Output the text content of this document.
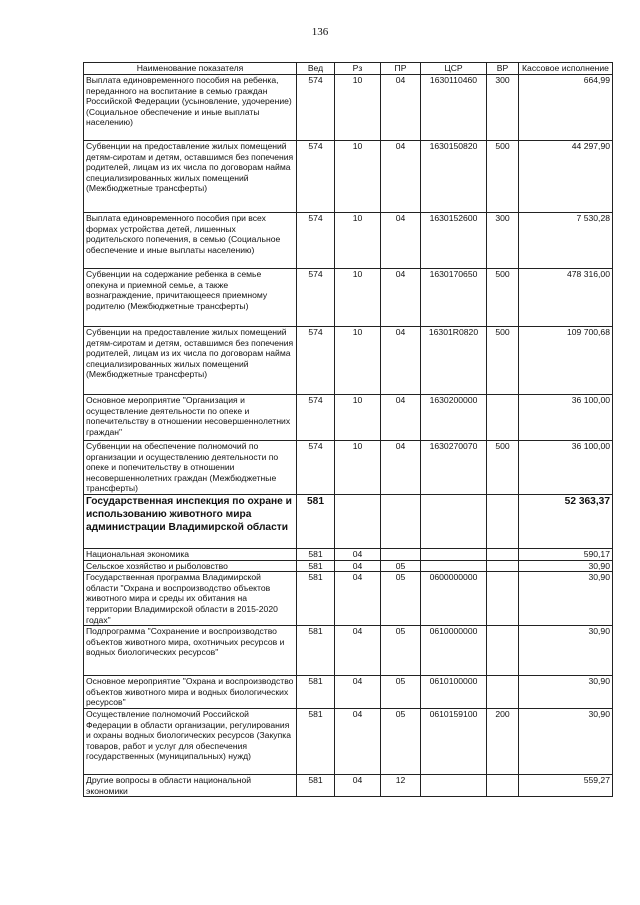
136
Наименование показателя	Вед	Рз	ПР	ЦСР	ВР	Кассовое исполнение
Выплата единовременного пособия на ребенка, переданного на воспитание в семью граждан Российской Федерации (усыновление, удочерение) (Социальное обеспечение и иные выплаты населению)	574	10	04	1630110460	300	664,99
Субвенции на предоставление жилых помещений детям-сиротам и детям, оставшимся без попечения родителей, лицам из их числа по договорам найма специализированных жилых помещений (Межбюджетные трансферты)	574	10	04	1630150820	500	44 297,90
Выплата единовременного пособия при всех формах устройства детей, лишенных родительского попечения, в семью (Социальное обеспечение и иные выплаты населению)	574	10	04	1630152600	300	7 530,28
Субвенции на содержание ребенка в семье опекуна и приемной семье, а также вознаграждение, причитающееся приемному родителю (Межбюджетные трансферты)	574	10	04	1630170650	500	478 316,00
Субвенции на предоставление жилых помещений детям-сиротам и детям, оставшимся без попечения родителей, лицам из их числа по договорам найма специализированных жилых помещений (Межбюджетные трансферты)	574	10	04	16301R0820	500	109 700,68
Основное мероприятие "Организация и осуществление деятельности по опеке и попечительству в отношении несовершеннолетних граждан"	574	10	04	1630200000		36 100,00
Субвенции на обеспечение полномочий по организации и осуществлению деятельности по опеке и попечительству в отношении несовершеннолетних граждан (Межбюджетные трансферты)	574	10	04	1630270070	500	36 100,00
Государственная инспекция по охране и использованию животного мира администрации Владимирской области	581					52 363,37
Национальная экономика	581	04				590,17
Сельское хозяйство и рыболовство	581	04	05			30,90
Государственная программа Владимирской области "Охрана и воспроизводство объектов животного мира и среды их обитания на территории Владимирской области в 2015-2020 годах"	581	04	05	0600000000		30,90
Подпрограмма "Сохранение и воспроизводство объектов животного мира, охотничьих ресурсов и водных биологических ресурсов"	581	04	05	0610000000		30,90
Основное мероприятие "Охрана и воспроизводство объектов животного мира и водных биологических ресурсов"	581	04	05	0610100000		30,90
Осуществление полномочий Российской Федерации в области организации, регулирования и охраны водных биологических ресурсов (Закупка товаров, работ и услуг для обеспечения государственных (муниципальных) нужд)	581	04	05	0610159100	200	30,90
Другие вопросы в области национальной экономики	581	04	12			559,27
